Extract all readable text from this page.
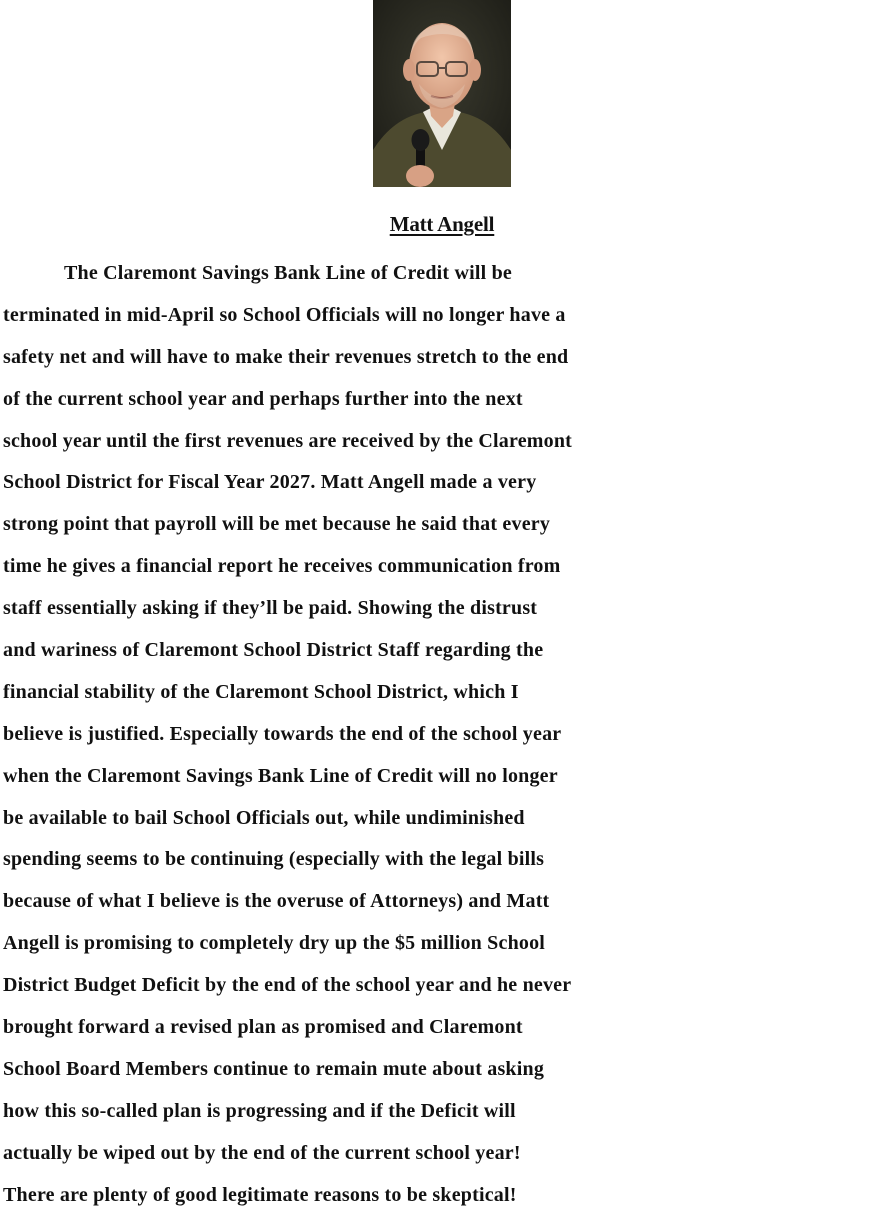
Matt Angell
The Claremont Savings Bank Line of Credit will be
terminated in mid-April so School Officials will no longer have a
safety net and will have to make their revenues stretch to the end
of the current school year and perhaps further into the next
school year until the first revenues are received by the Claremont
School District for Fiscal Year 2027. Matt Angell made a very
strong point that payroll will be met because he said that every
time he gives a financial report he receives communication from
staff essentially asking if they’ll be paid. Showing the distrust
and wariness of Claremont School District Staff regarding the
financial stability of the Claremont School District, which I
believe is justified. Especially towards the end of the school year
when the Claremont Savings Bank Line of Credit will no longer
be available to bail School Officials out, while undiminished
spending seems to be continuing (especially with the legal bills
because of what I believe is the overuse of Attorneys) and Matt
Angell is promising to completely dry up the $5 million School
District Budget Deficit by the end of the school year and he never
brought forward a revised plan as promised and Claremont
School Board Members continue to remain mute about asking
how this so-called plan is progressing and if the Deficit will
actually be wiped out by the end of the current school year!
There are plenty of good legitimate reasons to be skeptical!
